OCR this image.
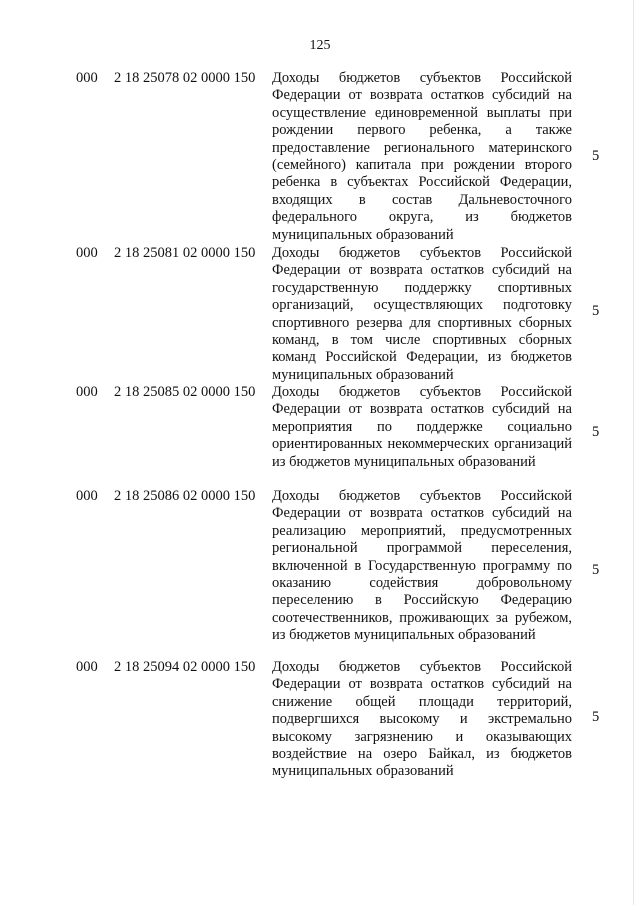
125
000 2 18 25078 02 0000 150 Доходы бюджетов субъектов Российской Федерации от возврата остатков субсидий на осуществление единовременной выплаты при рождении первого ребенка, а также предоставление регионального материнского (семейного) капитала при рождении второго ребенка в субъектах Российской Федерации, входящих в состав Дальневосточного федерального округа, из бюджетов муниципальных образований
5
000 2 18 25081 02 0000 150 Доходы бюджетов субъектов Российской Федерации от возврата остатков субсидий на государственную поддержку спортивных организаций, осуществляющих подготовку спортивного резерва для спортивных сборных команд, в том числе спортивных сборных команд Российской Федерации, из бюджетов муниципальных образований
5
000 2 18 25085 02 0000 150 Доходы бюджетов субъектов Российской Федерации от возврата остатков субсидий на мероприятия по поддержке социально ориентированных некоммерческих организаций из бюджетов муниципальных образований
5
000 2 18 25086 02 0000 150 Доходы бюджетов субъектов Российской Федерации от возврата остатков субсидий на реализацию мероприятий, предусмотренных региональной программой переселения, включенной в Государственную программу по оказанию содействия добровольному переселению в Российскую Федерацию соотечественников, проживающих за рубежом, из бюджетов муниципальных образований
5
000 2 18 25094 02 0000 150 Доходы бюджетов субъектов Российской Федерации от возврата остатков субсидий на снижение общей площади территорий, подвергшихся высокому и экстремально высокому загрязнению и оказывающих воздействие на озеро Байкал, из бюджетов муниципальных образований
5
